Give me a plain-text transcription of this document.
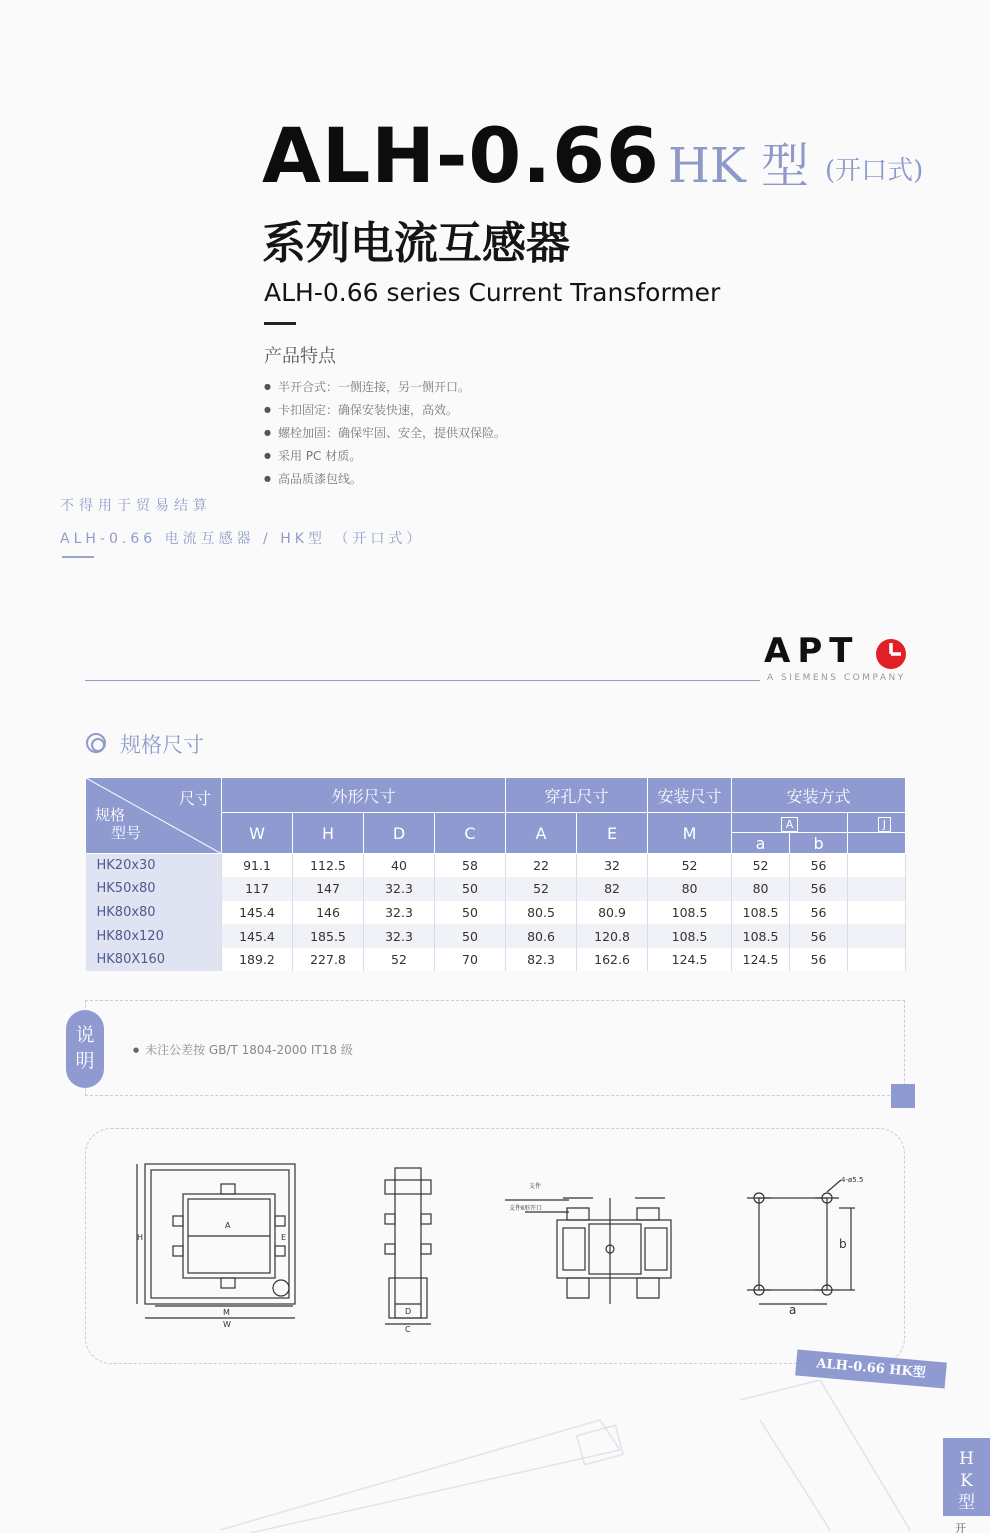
ALH-0.66 HK 型 (开口式)
系列电流互感器
ALH-0.66 series Current Transformer
产品特点
● 半开合式：一侧连接，另一侧开口。
● 卡扣固定：确保安装快速，高效。
● 螺栓加固：确保牢固、安全，提供双保险。
● 采用 PC 材质。
● 高品质漆包线。
不得用于贸易结算
ALH-0.66 电流互感器 / HK型 （开口式）
APT
A SIEMENS COMPANY
规格尺寸
尺寸
规格
型号	外形尺寸				穿孔尺寸		安装尺寸	安装方式		
	W	H	D	C	A	E	M	A		J
								a	b	
HK20x30	91.1	112.5	40	58	22	32	52	52	56	
HK50x80	117	147	32.3	50	52	82	80	80	56	
HK80x80	145.4	146	32.3	50	80.5	80.9	108.5	108.5	56	
HK80x120	145.4	185.5	32.3	50	80.6	120.8	108.5	108.5	56	
HK80X160	189.2	227.8	52	70	82.3	162.6	124.5	124.5	56	
说明	● 未注公差按 GB/T 1804-2000 IT18 级
A
E
H
M
W
D
C
支件
支件Ⅱ形开口
4-ø5.5
a
b
ALH-0.66 HK型
HK型
开
